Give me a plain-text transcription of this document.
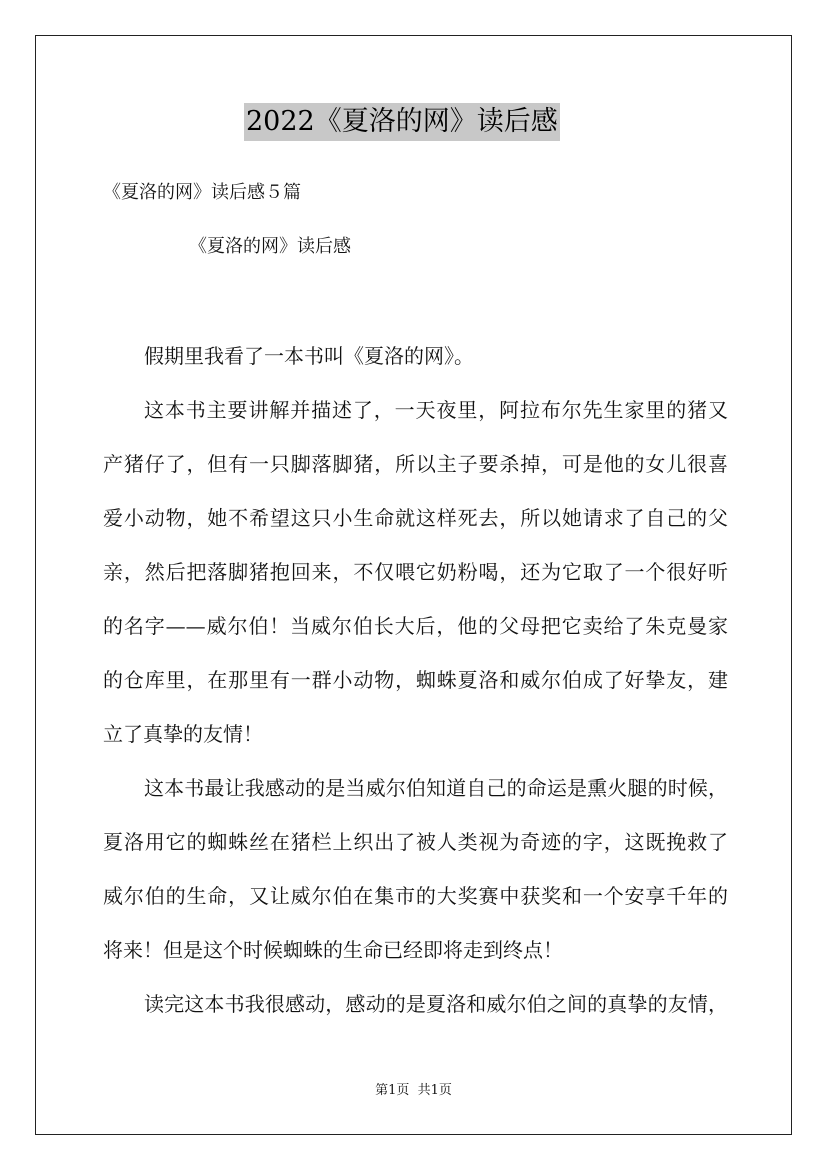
2022《夏洛的网》读后感
《夏洛的网》读后感５篇
《夏洛的网》读后感
假期里我看了一本书叫《夏洛的网》。
这本书主要讲解并描述了，一天夜里，阿拉布尔先生家里的猪又
产猪仔了，但有一只脚落脚猪，所以主子要杀掉，可是他的女儿很喜
爱小动物，她不希望这只小生命就这样死去，所以她请求了自己的父
亲，然后把落脚猪抱回来，不仅喂它奶粉喝，还为它取了一个很好听
的名字——威尔伯！当威尔伯长大后，他的父母把它卖给了朱克曼家
的仓库里，在那里有一群小动物，蜘蛛夏洛和威尔伯成了好挚友，建
立了真挚的友情！
这本书最让我感动的是当威尔伯知道自己的命运是熏火腿的时候，
夏洛用它的蜘蛛丝在猪栏上织出了被人类视为奇迹的字，这既挽救了
威尔伯的生命，又让威尔伯在集市的大奖赛中获奖和一个安享千年的
将来！但是这个时候蜘蛛的生命已经即将走到终点！
读完这本书我很感动，感动的是夏洛和威尔伯之间的真挚的友情，
第1页  共1页
